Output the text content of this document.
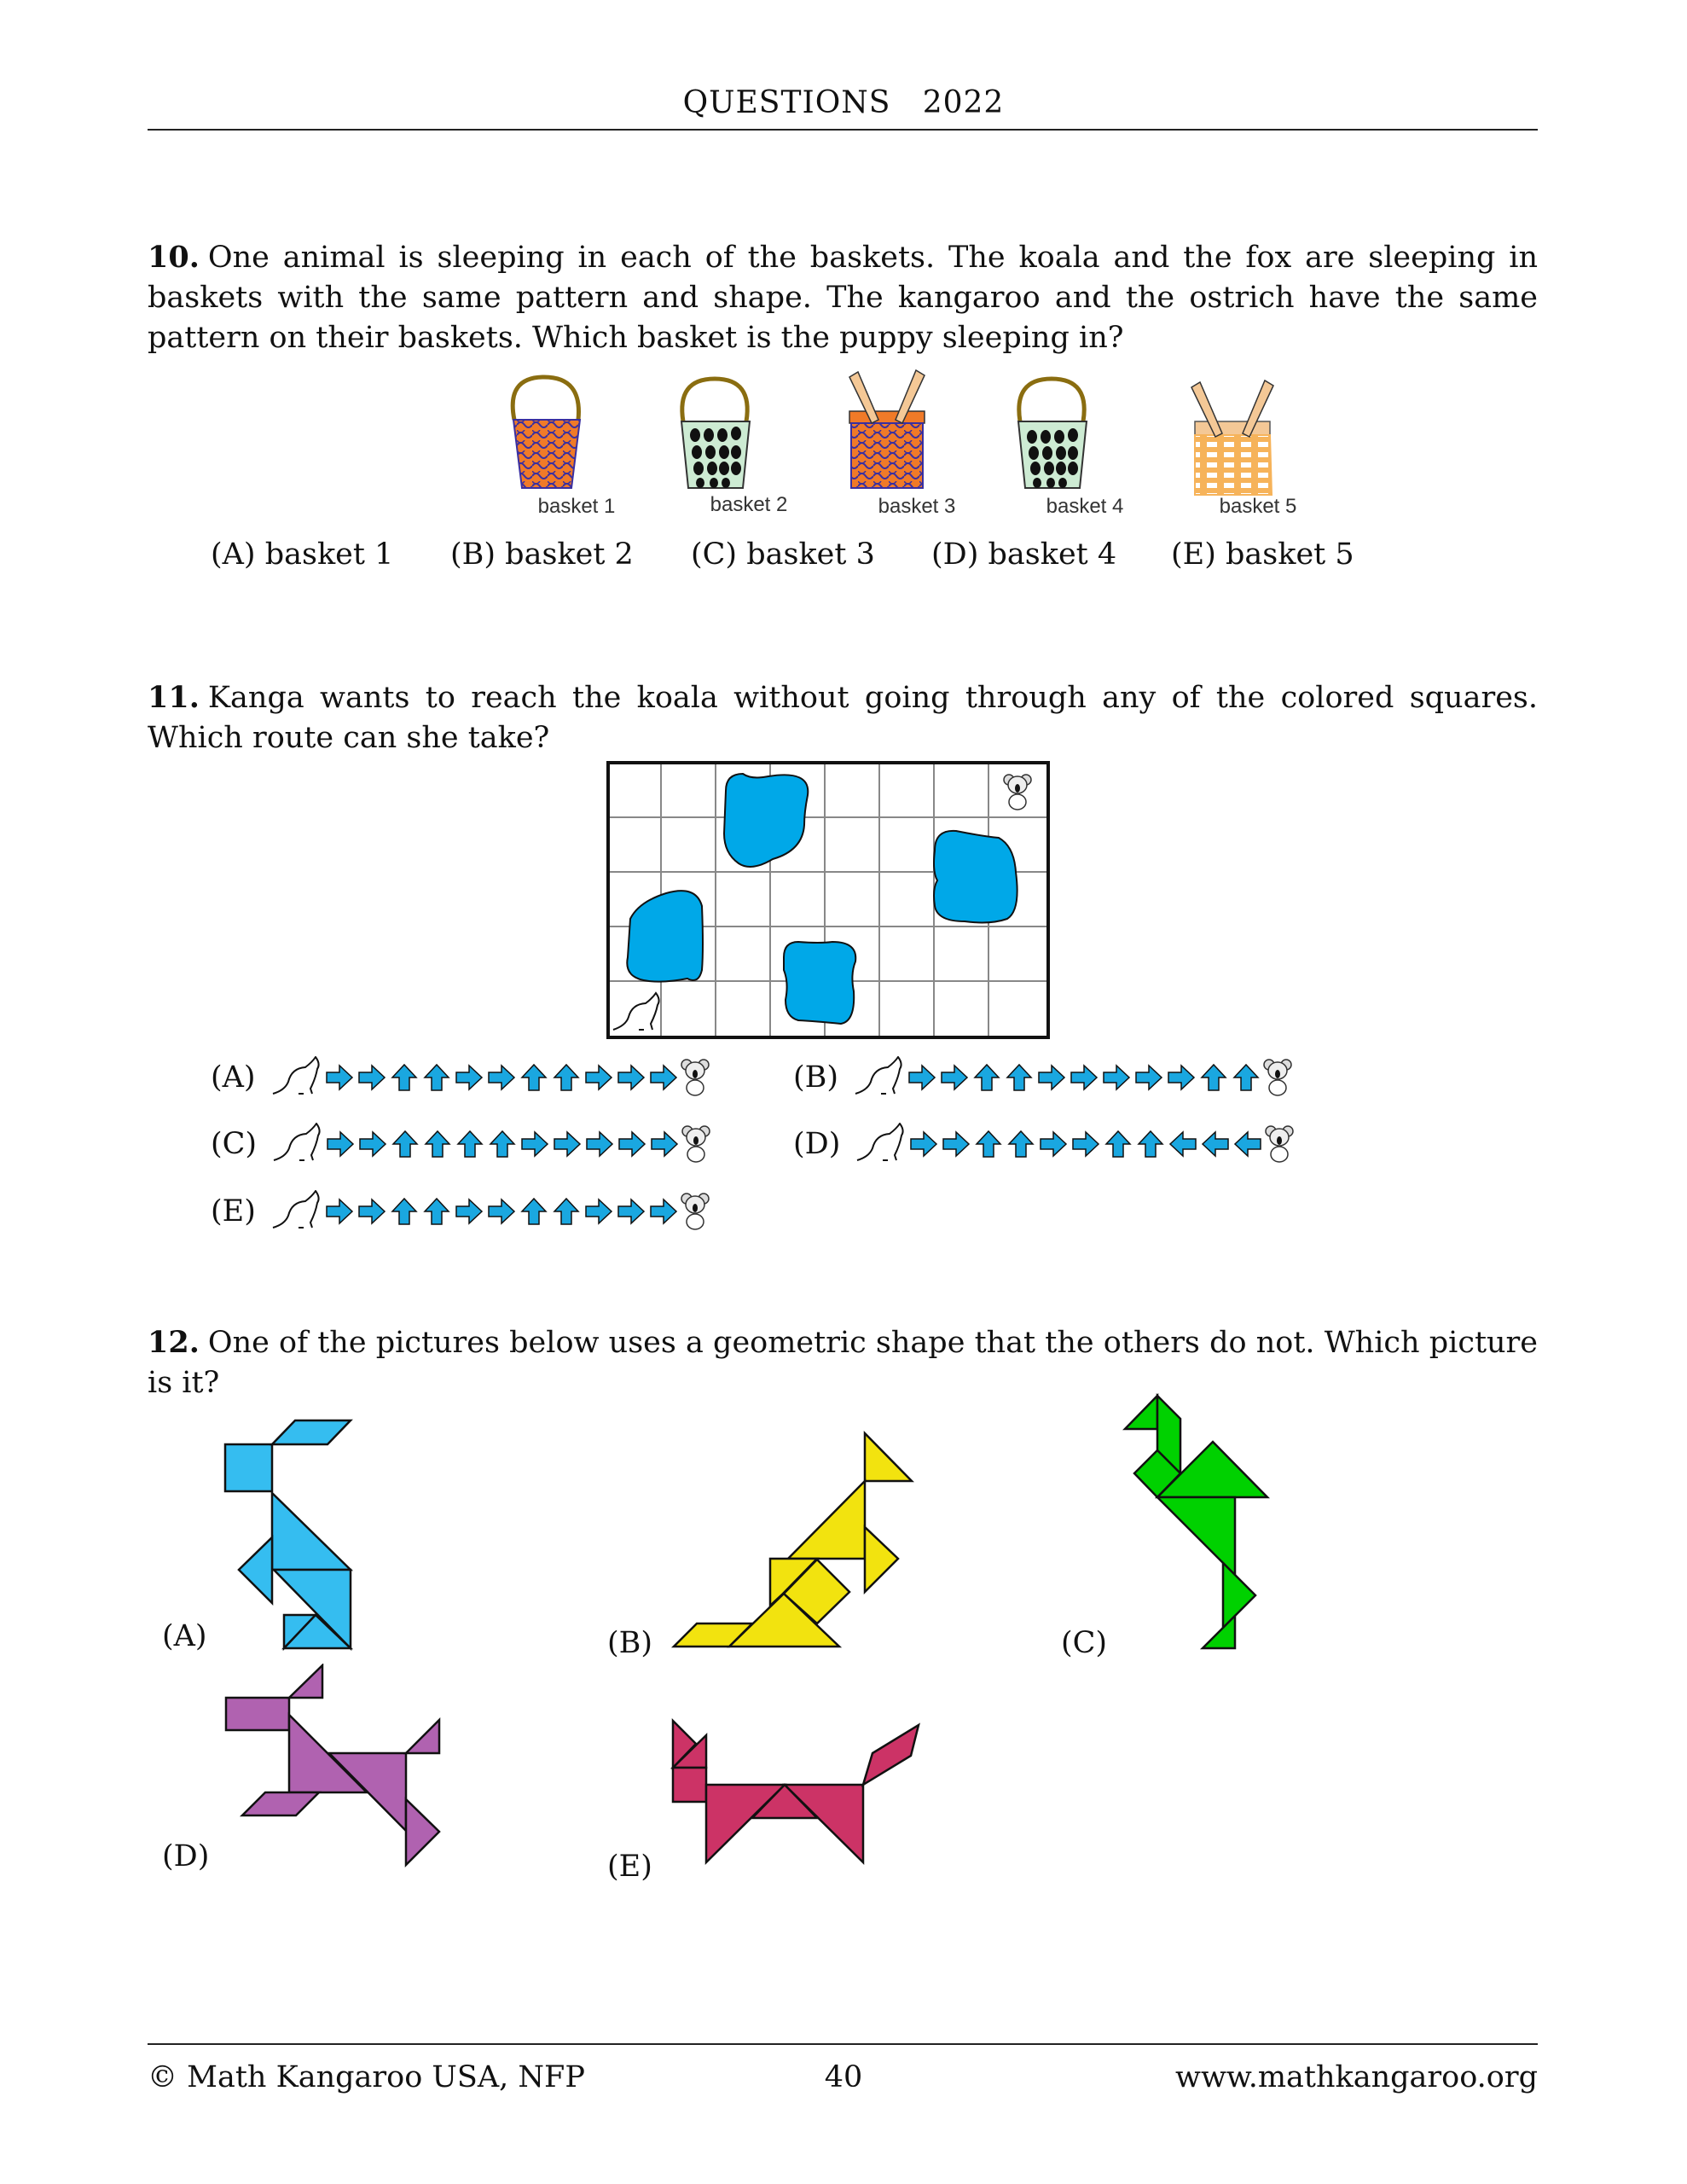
QUESTIONS   2022
10. One animal is sleeping in each of the baskets. The koala and the fox are sleeping in baskets with the same pattern and shape. The kangaroo and the ostrich have the same pattern on their baskets. Which basket is the puppy sleeping in?
basket 1	basket 2	basket 3	basket 4	basket 5
(A) basket 1 (B) basket 2 (C) basket 3 (D) basket 4 (E) basket 5
11. Kanga wants to reach the koala without going through any of the colored squares. Which route can she take?
(A)	(B)
(C)	(D)
(E)
12. One of the pictures below uses a geometric shape that the others do not. Which picture is it?
(A)	(B)	(C)
(D)	(E)
© Math Kangaroo USA, NFP	40	www.mathkangaroo.org
